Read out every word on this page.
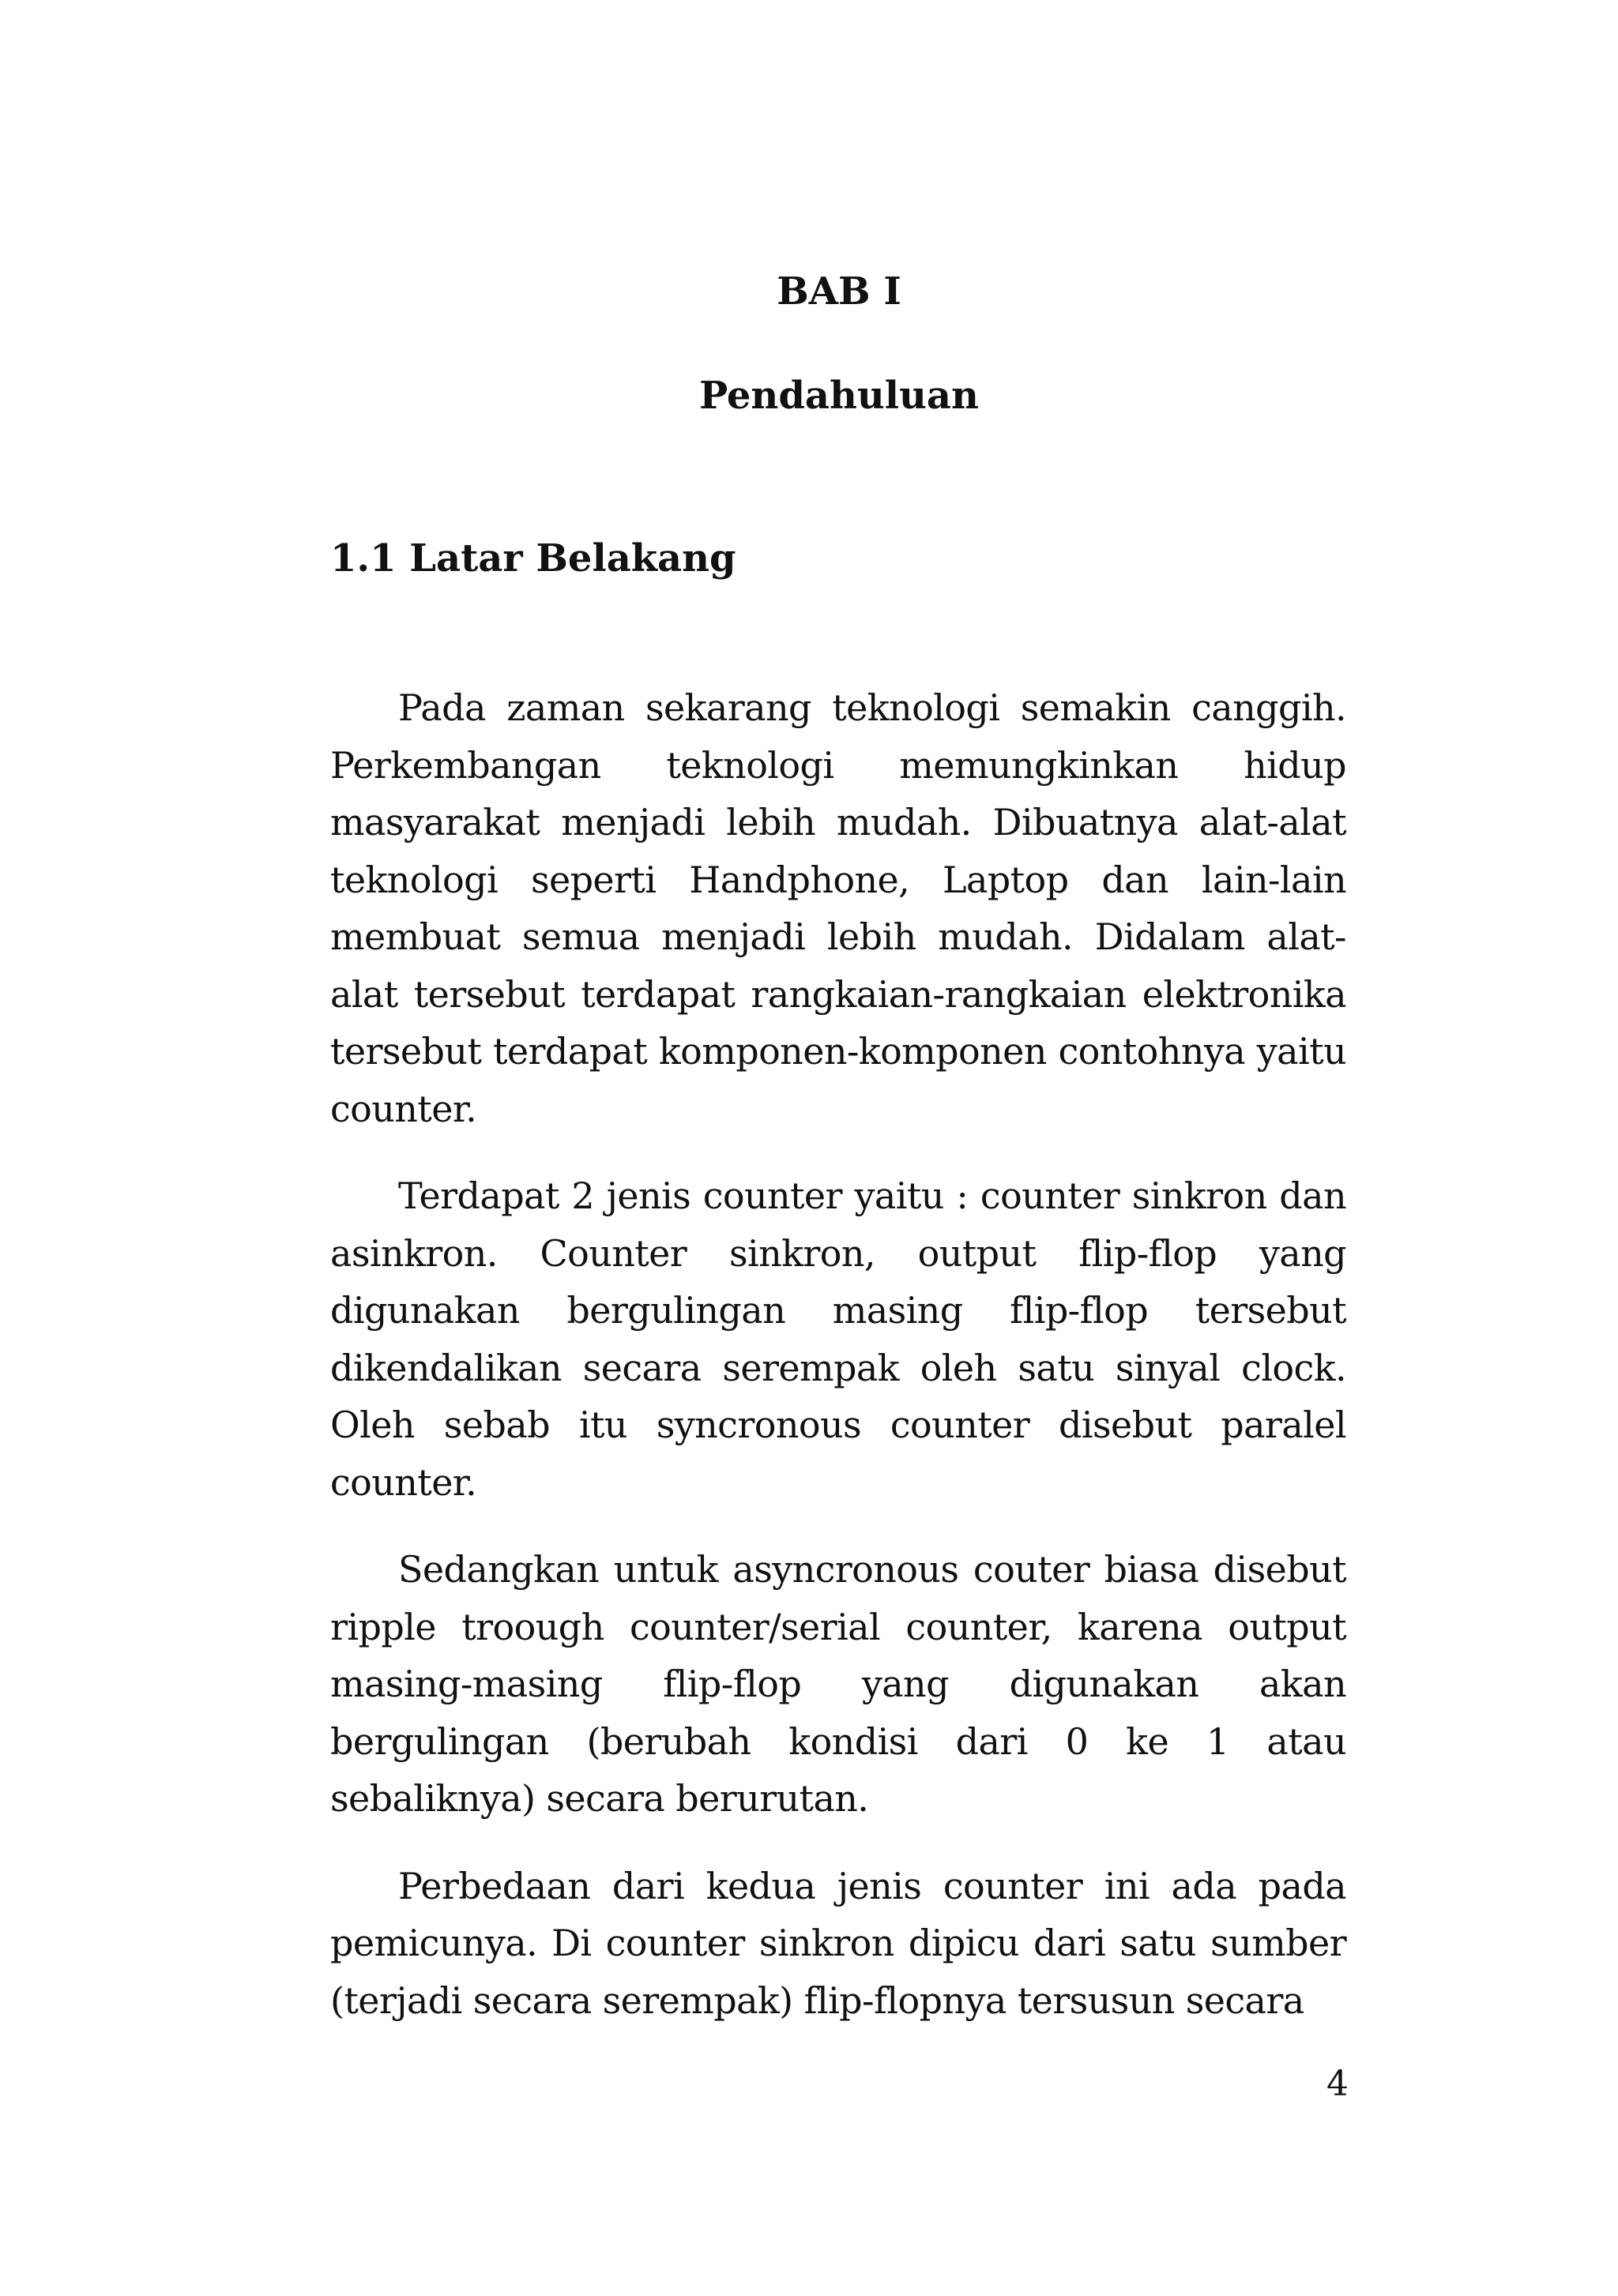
BAB I
Pendahuluan
1.1 Latar Belakang

Pada zaman sekarang teknologi semakin canggih. Perkembangan teknologi memungkinkan hidup masyarakat menjadi lebih mudah. Dibuatnya alat-alat teknologi seperti Handphone, Laptop dan lain-lain membuat semua menjadi lebih mudah. Didalam alat-alat tersebut terdapat rangkaian-rangkaian elektronika tersebut terdapat komponen-komponen contohnya yaitu counter.

Terdapat 2 jenis counter yaitu : counter sinkron dan asinkron. Counter sinkron, output flip-flop yang digunakan bergulingan masing flip-flop tersebut dikendalikan secara serempak oleh satu sinyal clock. Oleh sebab itu syncronous counter disebut paralel counter.

Sedangkan untuk asyncronous couter biasa disebut ripple troough counter/serial counter, karena output masing-masing flip-flop yang digunakan akan bergulingan (berubah kondisi dari 0 ke 1 atau sebaliknya) secara berurutan.

Perbedaan dari kedua jenis counter ini ada pada pemicunya. Di counter sinkron dipicu dari satu sumber (terjadi secara serempak) flip-flopnya tersusun secara

4
